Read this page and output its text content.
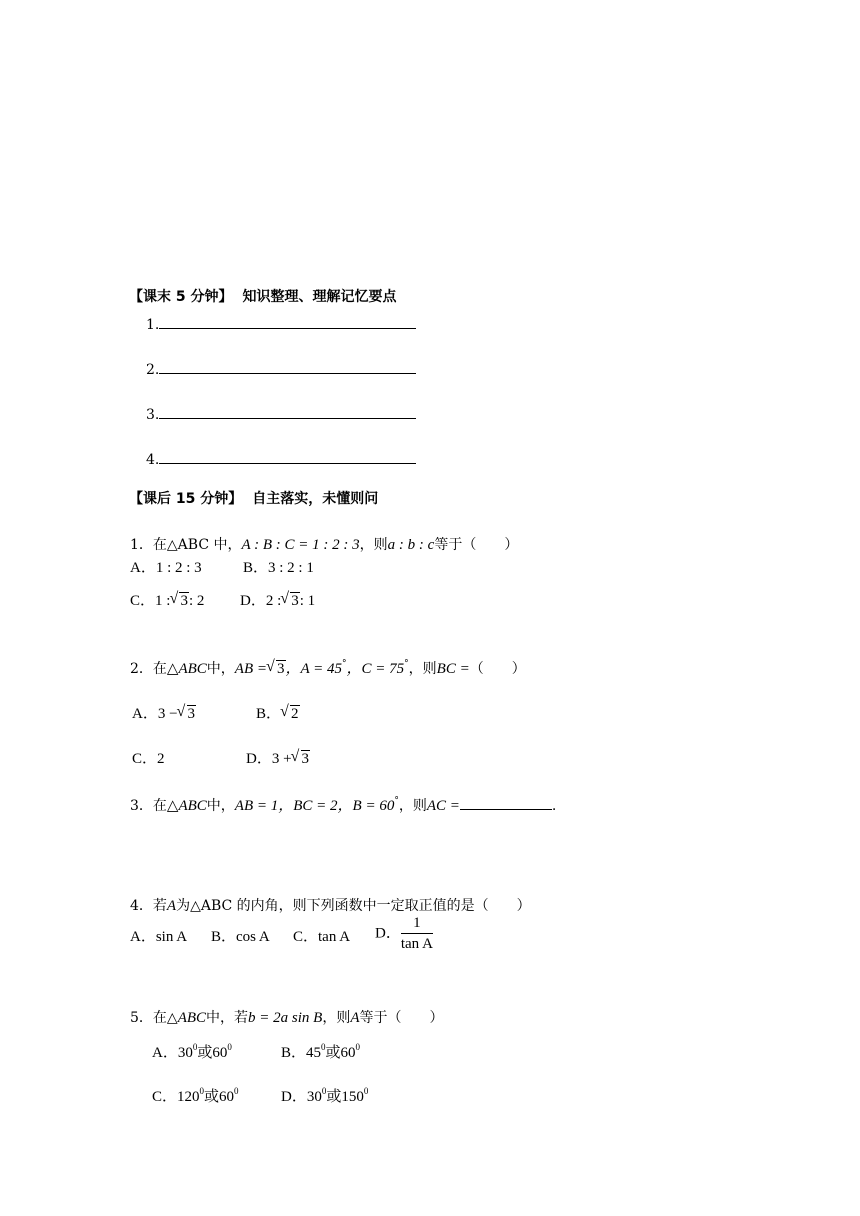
【课末 5 分钟】 知识整理、理解记忆要点
1.
2.
3.
4.
【课后 15 分钟】 自主落实，未懂则问
1．在△ABC 中，A : B : C = 1 : 2 : 3，则a : b : c等于（　　）
A．1 : 2 : 3	B．3 : 2 : 1
C．1 : √ 3: 2 D．2 : √ 3: 1
2．在△ABC中，AB = √ 3，A = 45°，C = 75°，则BC =（　　）
A．3 − √ 3	B． √ 2
C．2	D．3 + √ 3
3．在△ABC中，AB = 1，BC = 2，B = 60°，则AC =	.
4．若A为△ABC 的内角，则下列函数中一定取正值的是（　　）
A．sin A B．cos A C．tan A D． $\frac{1}{\text{tan A}}$
5．在△ABC中，若b = 2a sin B，则A等于（　　）
A．$30^0$或$60^0$	B．$45^0$或$60^0$
C．$120^0$或$60^0$	D．$30^0$或$150^0$
